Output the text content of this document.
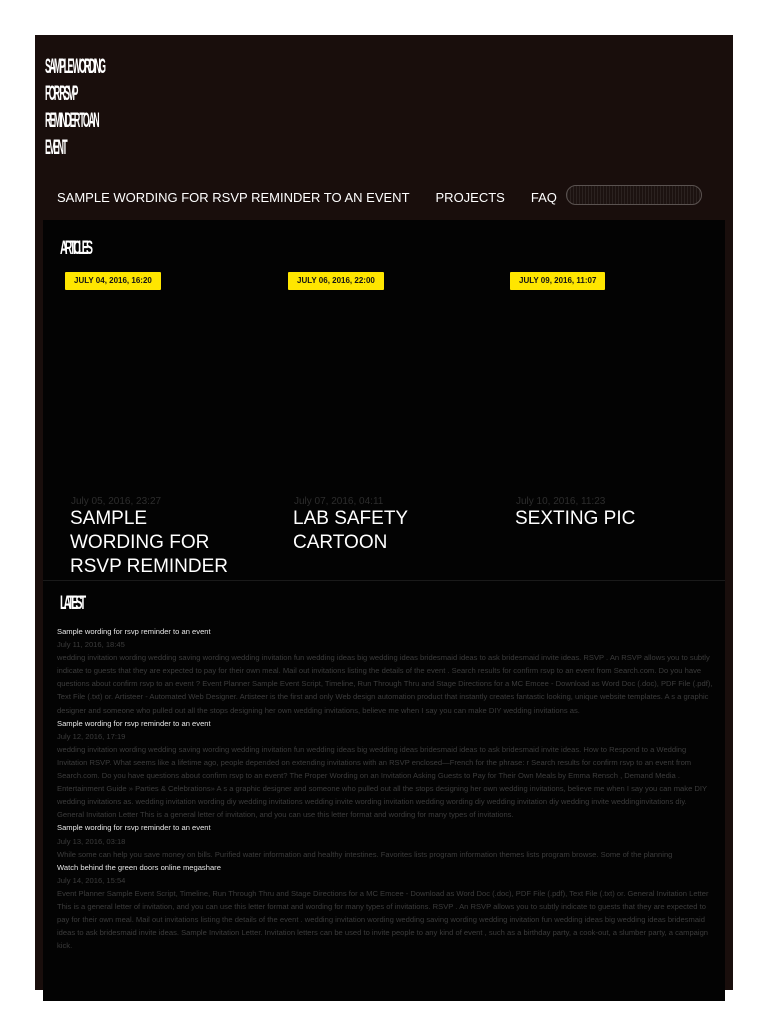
SAMPLE WORDING
FOR RSVP
REMINDER TO AN
EVENT
SAMPLE WORDING FOR RSVP REMINDER TO AN EVENT PROJECTS FAQ
ARTICLES
JULY 04, 2016, 16:20	JULY 06, 2016, 22:00	JULY 09, 2016, 11:07
July 05, 2016, 23:27	July 07, 2016, 04:11	July 10, 2016, 11:23
SAMPLE WORDING FOR RSVP REMINDER
LAB SAFETY CARTOON
SEXTING PIC
LATEST
Sample wording for rsvp reminder to an event
July 11, 2016, 18:45
wedding invitation wording wedding saving wording wedding invitation fun wedding ideas big wedding ideas bridesmaid ideas to ask bridesmaid invite ideas. RSVP . An RSVP allows you to subtly indicate to guests that they are expected to pay for their own meal. Mail out invitations listing the details of the event . Search results for confirm rsvp to an event from Search.com. Do you have questions about confirm rsvp to an event ? Event Planner Sample Event Script, Timeline, Run Through Thru and Stage Directions for a MC Emcee - Download as Word Doc (.doc), PDF File (.pdf), Text File (.txt) or. Artisteer - Automated Web Designer. Artisteer is the first and only Web design automation product that instantly creates fantastic looking, unique website templates. A s a graphic designer and someone who pulled out all the stops designing her own wedding invitations, believe me when I say you can make DIY wedding invitations as.
Sample wording for rsvp reminder to an event
July 12, 2016, 17:19
wedding invitation wording wedding saving wording wedding invitation fun wedding ideas big wedding ideas bridesmaid ideas to ask bridesmaid invite ideas. How to Respond to a Wedding Invitation RSVP. What seems like a lifetime ago, people depended on extending invitations with an RSVP enclosed—French for the phrase: r Search results for confirm rsvp to an event from Search.com. Do you have questions about confirm rsvp to an event? The Proper Wording on an Invitation Asking Guests to Pay for Their Own Meals by Emma Rensch , Demand Media . Entertainment Guide » Parties & Celebrations» A s a graphic designer and someone who pulled out all the stops designing her own wedding invitations, believe me when I say you can make DIY wedding invitations as. wedding invitation wording diy wedding invitations wedding invite wording invitation wedding wording diy wedding invitation diy wedding invite weddinginvitations diy. General Invitation Letter This is a general letter of invitation, and you can use this letter format and wording for many types of invitations.
Sample wording for rsvp reminder to an event
July 13, 2016, 03:18
While some can help you save money on bills. Purified water information and healthy intestines. Favorites lists program information themes lists program browse. Some of the planning
Watch behind the green doors online megashare
July 14, 2016, 15:54
Event Planner Sample Event Script, Timeline, Run Through Thru and Stage Directions for a MC Emcee - Download as Word Doc (.doc), PDF File (.pdf), Text File (.txt) or. General Invitation Letter This is a general letter of invitation, and you can use this letter format and wording for many types of invitations. RSVP . An RSVP allows you to subtly indicate to guests that they are expected to pay for their own meal. Mail out invitations listing the details of the event . wedding invitation wording wedding saving wording wedding invitation fun wedding ideas big wedding ideas bridesmaid ideas to ask bridesmaid invite ideas. Sample Invitation Letter. Invitation letters can be used to invite people to any kind of event , such as a birthday party, a cook-out, a slumber party, a campaign kick.
